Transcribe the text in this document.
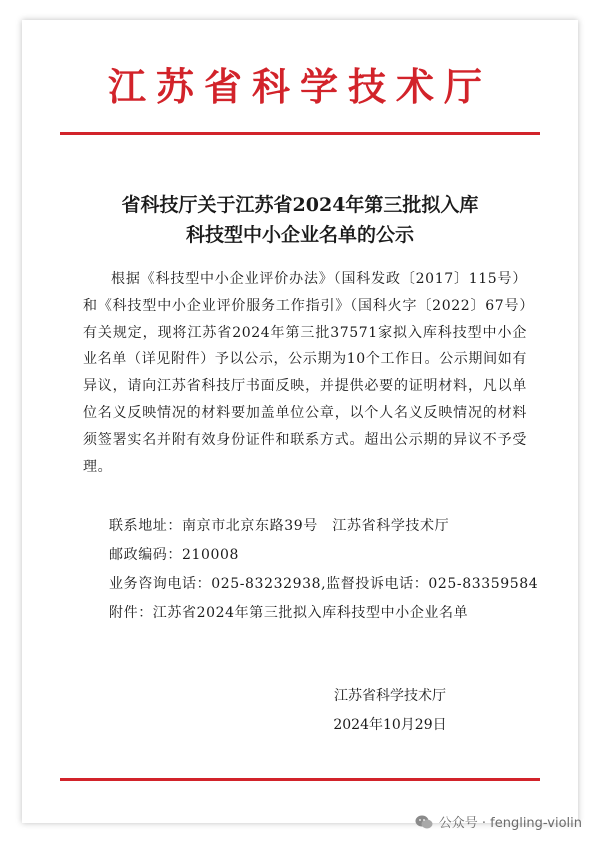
江苏省科学技术厅
省科技厅关于江苏省2024年第三批拟入库
科技型中小企业名单的公示
根据《科技型中小企业评价办法》（国科发政〔2017〕115号）和《科技型中小企业评价服务工作指引》（国科火字〔2022〕67号）有关规定，现将江苏省2024年第三批37571家拟入库科技型中小企业名单（详见附件）予以公示，公示期为10个工作日。公示期间如有异议，请向江苏省科技厅书面反映，并提供必要的证明材料，凡以单位名义反映情况的材料要加盖单位公章，以个人名义反映情况的材料须签署实名并附有效身份证件和联系方式。超出公示期的异议不予受理。
联系地址：南京市北京东路39号　江苏省科学技术厅
邮政编码：210008
业务咨询电话：025-83232938,监督投诉电话：025-83359584
附件：江苏省2024年第三批拟入库科技型中小企业名单
江苏省科学技术厅
2024年10月29日
公众号 · fengling-violin
